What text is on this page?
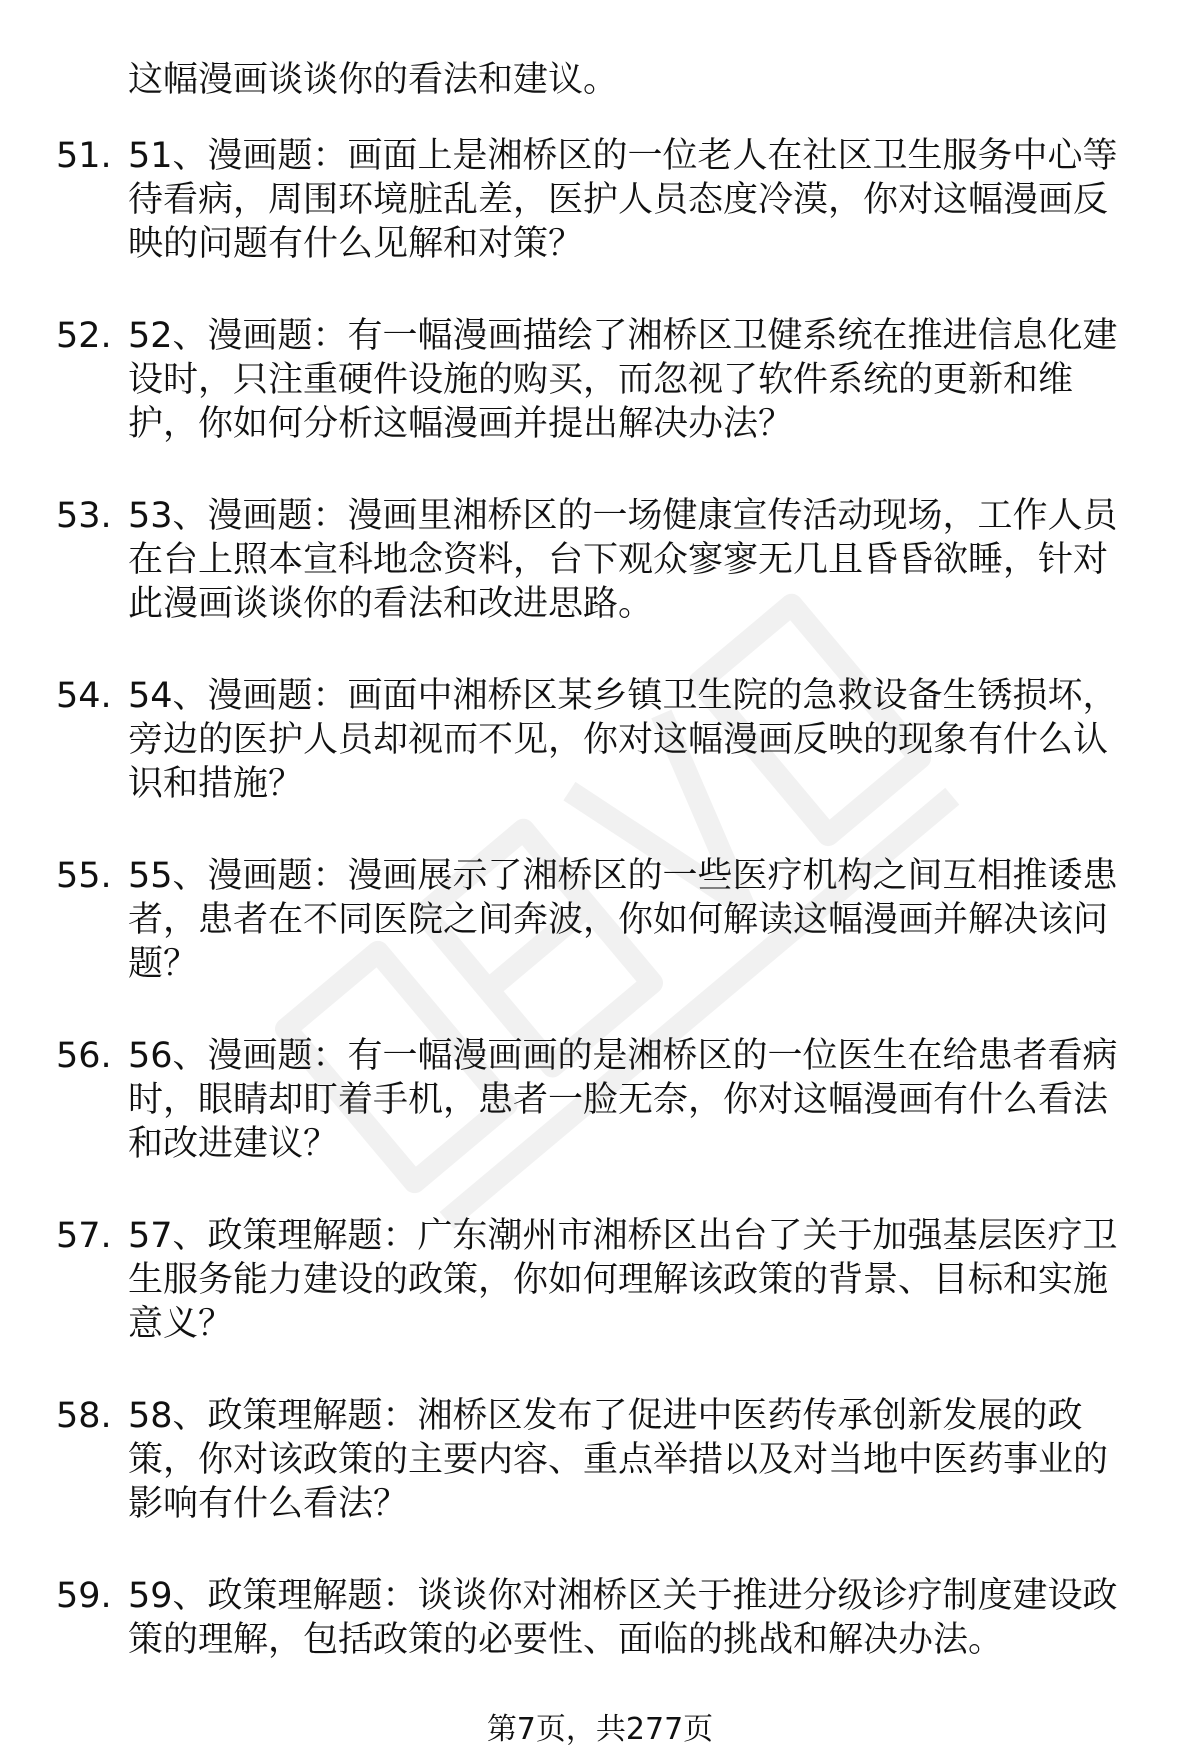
这幅漫画谈谈你的看法和建议。
51. 51、漫画题：画面上是湘桥区的一位老人在社区卫生服务中心等
待看病，周围环境脏乱差，医护人员态度冷漠，你对这幅漫画反
映的问题有什么见解和对策？
52. 52、漫画题：有一幅漫画描绘了湘桥区卫健系统在推进信息化建
设时，只注重硬件设施的购买，而忽视了软件系统的更新和维
护，你如何分析这幅漫画并提出解决办法？
53. 53、漫画题：漫画里湘桥区的一场健康宣传活动现场，工作人员
在台上照本宣科地念资料，台下观众寥寥无几且昏昏欲睡，针对
此漫画谈谈你的看法和改进思路。
54. 54、漫画题：画面中湘桥区某乡镇卫生院的急救设备生锈损坏，
旁边的医护人员却视而不见，你对这幅漫画反映的现象有什么认
识和措施？
55. 55、漫画题：漫画展示了湘桥区的一些医疗机构之间互相推诿患
者，患者在不同医院之间奔波，你如何解读这幅漫画并解决该问
题？
56. 56、漫画题：有一幅漫画画的是湘桥区的一位医生在给患者看病
时，眼睛却盯着手机，患者一脸无奈，你对这幅漫画有什么看法
和改进建议？
57. 57、政策理解题：广东潮州市湘桥区出台了关于加强基层医疗卫
生服务能力建设的政策，你如何理解该政策的背景、目标和实施
意义？
58. 58、政策理解题：湘桥区发布了促进中医药传承创新发展的政
策，你对该政策的主要内容、重点举措以及对当地中医药事业的
影响有什么看法？
59. 59、政策理解题：谈谈你对湘桥区关于推进分级诊疗制度建设政
策的理解，包括政策的必要性、面临的挑战和解决办法。
第7页，共277页
